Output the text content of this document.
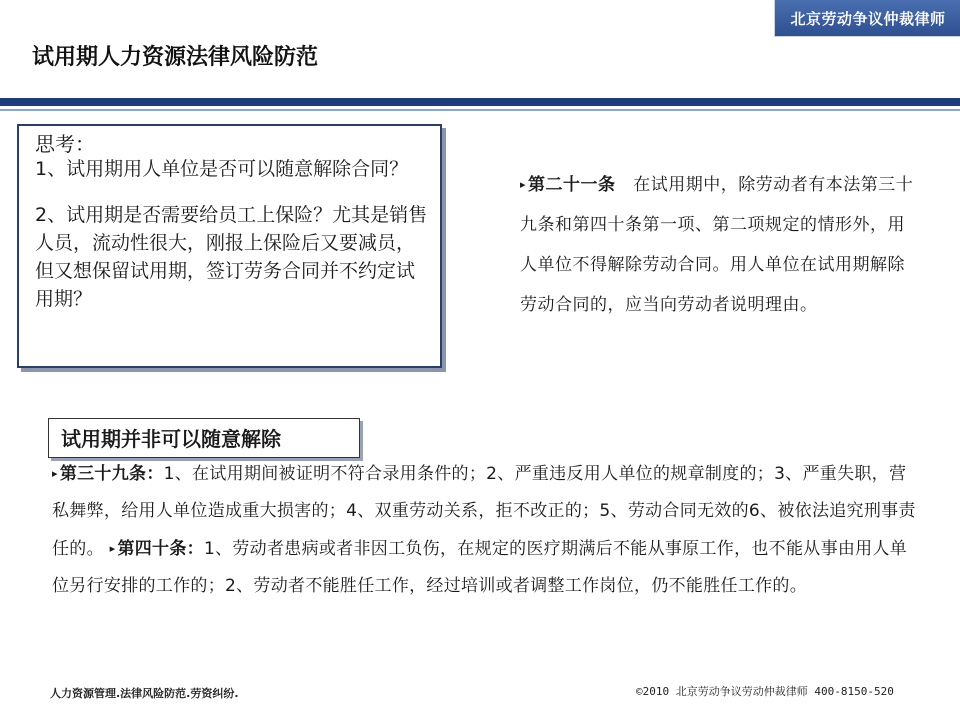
北京劳动争议仲裁律师
试用期人力资源法律风险防范
思考：
1、试用期用人单位是否可以随意解除合同？
2、试用期是否需要给员工上保险？尤其是销售人员，流动性很大，刚报上保险后又要减员，但又想保留试用期，签订劳务合同并不约定试用期？
▸ 第二十一条 在试用期中，除劳动者有本法第三十九条和第四十条第一项、第二项规定的情形外，用人单位不得解除劳动合同。用人单位在试用期解除劳动合同的，应当向劳动者说明理由。
试用期并非可以随意解除
▸ 第三十九条：1、在试用期间被证明不符合录用条件的；2、严重违反用人单位的规章制度的；3、严重失职，营私舞弊，给用人单位造成重大损害的；4、双重劳动关系，拒不改正的；5、劳动合同无效的6、被依法追究刑事责任的。 ▸ 第四十条：1、劳动者患病或者非因工负伤，在规定的医疗期满后不能从事原工作，也不能从事由用人单位另行安排的工作的；2、劳动者不能胜任工作，经过培训或者调整工作岗位，仍不能胜任工作的。
人力资源管理.法律风险防范.劳资纠纷.	©2010 北京劳动争议劳动仲裁律师 400-8150-520
